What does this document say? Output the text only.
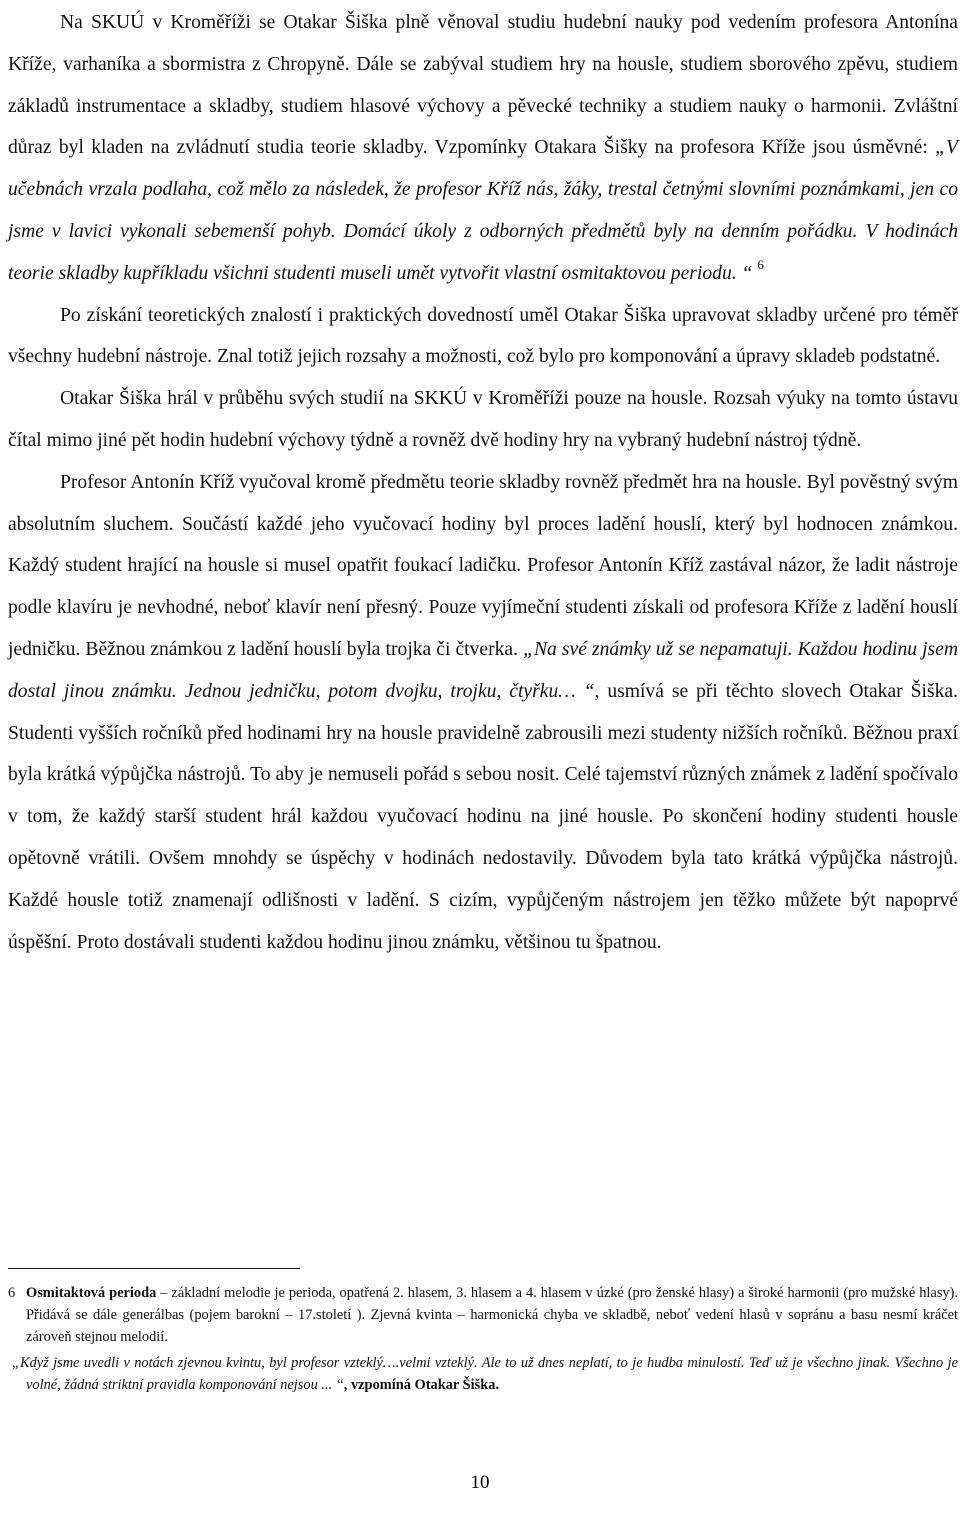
Na SKUÚ v Kroměříži se Otakar Šiška plně věnoval studiu hudební nauky pod vedením profesora Antonína Kříže, varhaníka a sbormistra z Chropyně. Dále se zabýval studiem hry na housle, studiem sborového zpěvu, studiem základů instrumentace a skladby, studiem hlasové výchovy a pěvecké techniky a studiem nauky o harmonii. Zvláštní důraz byl kladen na zvládnutí studia teorie skladby. Vzpomínky Otakara Šišky na profesora Kříže jsou úsměvné: „V učebnách vrzala podlaha, což mělo za následek, že profesor Kříž nás, žáky, trestal četnými slovními poznámkami, jen co jsme v lavici vykonali sebemenší pohyb. Domácí úkoly z odborných předmětů byly na denním pořádku. V hodinách teorie skladby kupříkladu všichni studenti museli umět vytvořit vlastní osmitaktovou periodu. “ $^6$

Po získání teoretických znalostí i praktických dovedností uměl Otakar Šiška upravovat skladby určené pro téměř všechny hudební nástroje. Znal totiž jejich rozsahy a možnosti, což bylo pro komponování a úpravy skladeb podstatné.

Otakar Šiška hrál v průběhu svých studií na SKKÚ v Kroměříži pouze na housle. Rozsah výuky na tomto ústavu čítal mimo jiné pět hodin hudební výchovy týdně a rovněž dvě hodiny hry na vybraný hudební nástroj týdně.

Profesor Antonín Kříž vyučoval kromě předmětu teorie skladby rovněž předmět hra na housle. Byl pověstný svým absolutním sluchem. Součástí každé jeho vyučovací hodiny byl proces ladění houslí, který byl hodnocen známkou. Každý student hrající na housle si musel opatřit foukací ladičku. Profesor Antonín Kříž zastával názor, že ladit nástroje podle klavíru je nevhodné, neboť klavír není přesný. Pouze vyjímeční studenti získali od profesora Kříže z ladění houslí jedničku. Běžnou známkou z ladění houslí byla trojka či čtverka. „Na své známky už se nepamatuji. Každou hodinu jsem dostal jinou známku. Jednou jedničku, potom dvojku, trojku, čtyřku… “, usmívá se při těchto slovech Otakar Šiška. Studenti vyšších ročníků před hodinami hry na housle pravidelně zabrousili mezi studenty nižších ročníků. Běžnou praxí byla krátká výpůjčka nástrojů. To aby je nemuseli pořád s sebou nosit. Celé tajemství různých známek z ladění spočívalo v tom, že každý starší student hrál každou vyučovací hodinu na jiné housle. Po skončení hodiny studenti housle opětovně vrátili. Ovšem mnohdy se úspěchy v hodinách nedostavily. Důvodem byla tato krátká výpůjčka nástrojů. Každé housle totiž znamenají odlišnosti v ladění. S cizím, vypůjčeným nástrojem jen těžko můžete být napoprvé úspěšní. Proto dostávali studenti každou hodinu jinou známku, většinou tu špatnou.

6 Osmitaktová perioda – základní melodie je perioda, opatřená 2. hlasem, 3. hlasem a 4. hlasem v úzké (pro ženské hlasy) a široké harmonii (pro mužské hlasy). Přidává se dále generálbas (pojem barokní – 17.století ). Zjevná kvinta – harmonická chyba ve skladbě, neboť vedení hlasů v sopránu a basu nesmí kráčet zároveň stejnou melodií.

„Když jsme uvedli v notách zjevnou kvintu, byl profesor vzteklý….velmi vzteklý. Ale to už dnes neplatí, to je hudba minulostí. Teď už je všechno jinak. Všechno je volné, žádná striktní pravidla komponování nejsou ... “, vzpomíná Otakar Šiška.

10
